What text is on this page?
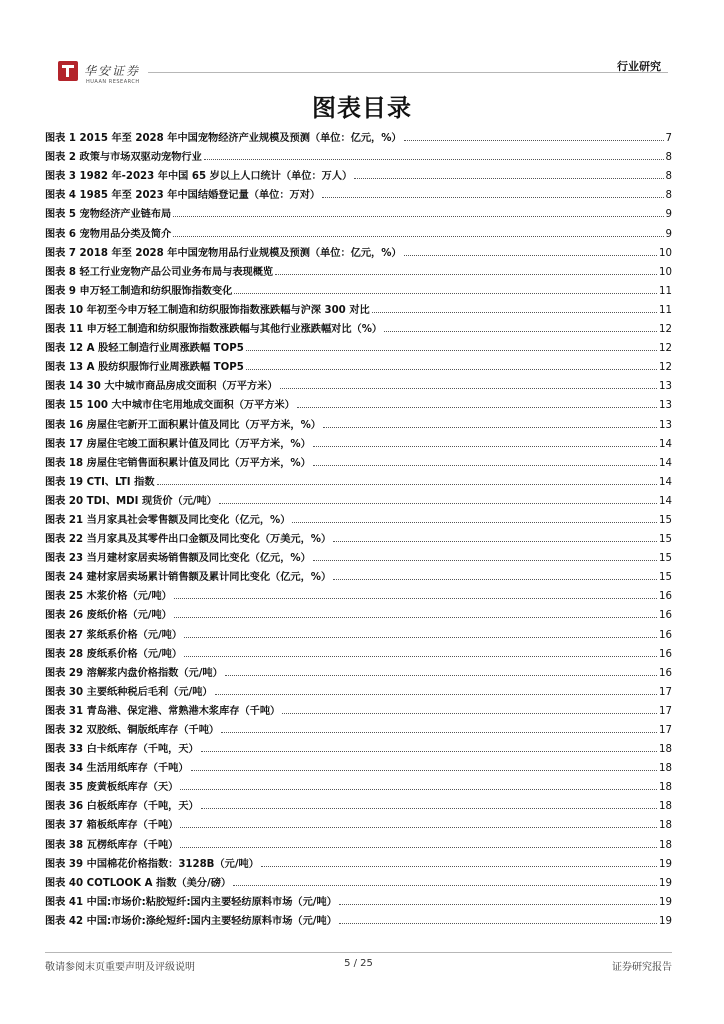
华安证券
HUAAN RESEARCH
行业研究
图表目录
图表 1 2015 年至 2028 年中国宠物经济产业规模及预测（单位：亿元，%）	7
图表 2 政策与市场双驱动宠物行业	8
图表 3 1982 年-2023 年中国 65 岁以上人口统计（单位：万人）	8
图表 4 1985 年至 2023 年中国结婚登记量（单位：万对）	8
图表 5 宠物经济产业链布局	9
图表 6 宠物用品分类及简介	9
图表 7 2018 年至 2028 年中国宠物用品行业规模及预测（单位：亿元，%）	10
图表 8 轻工行业宠物产品公司业务布局与表现概览	10
图表 9 申万轻工制造和纺织服饰指数变化	11
图表 10 年初至今申万轻工制造和纺织服饰指数涨跌幅与沪深 300 对比	11
图表 11 申万轻工制造和纺织服饰指数涨跌幅与其他行业涨跌幅对比（%）	12
图表 12 A 股轻工制造行业周涨跌幅 TOP5	12
图表 13 A 股纺织服饰行业周涨跌幅 TOP5	12
图表 14 30 大中城市商品房成交面积（万平方米）	13
图表 15 100 大中城市住宅用地成交面积（万平方米）	13
图表 16 房屋住宅新开工面积累计值及同比（万平方米，%）	13
图表 17 房屋住宅竣工面积累计值及同比（万平方米，%）	14
图表 18 房屋住宅销售面积累计值及同比（万平方米，%）	14
图表 19 CTI、LTI 指数	14
图表 20 TDI、MDI 现货价（元/吨）	14
图表 21 当月家具社会零售额及同比变化（亿元，%）	15
图表 22 当月家具及其零件出口金额及同比变化（万美元，%）	15
图表 23 当月建材家居卖场销售额及同比变化（亿元，%）	15
图表 24 建材家居卖场累计销售额及累计同比变化（亿元，%）	15
图表 25 木浆价格（元/吨）	16
图表 26 废纸价格（元/吨）	16
图表 27 浆纸系价格（元/吨）	16
图表 28 废纸系价格（元/吨）	16
图表 29 溶解浆内盘价格指数（元/吨）	16
图表 30 主要纸种税后毛利（元/吨）	17
图表 31 青岛港、保定港、常熟港木浆库存（千吨）	17
图表 32 双胶纸、铜版纸库存（千吨）	17
图表 33 白卡纸库存（千吨，天）	18
图表 34 生活用纸库存（千吨）	18
图表 35 废黄板纸库存（天）	18
图表 36 白板纸库存（千吨，天）	18
图表 37 箱板纸库存（千吨）	18
图表 38 瓦楞纸库存（千吨）	18
图表 39 中国棉花价格指数：3128B（元/吨）	19
图表 40 COTLOOK A 指数（美分/磅）	19
图表 41 中国:市场价:粘胶短纤:国内主要轻纺原料市场（元/吨）	19
图表 42 中国:市场价:涤纶短纤:国内主要轻纺原料市场（元/吨）	19
敬请参阅末页重要声明及评级说明	5 / 25	证券研究报告
